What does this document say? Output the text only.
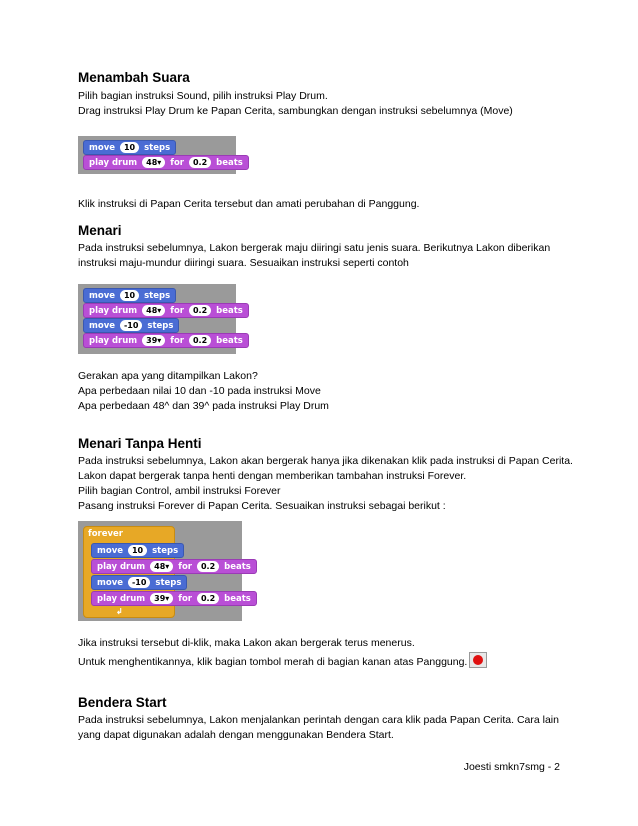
Menambah Suara
Pilih bagian instruksi Sound, pilih instruksi Play Drum.
Drag instruksi Play Drum ke Papan Cerita, sambungkan dengan instruksi sebelumnya (Move)
move 10 steps
play drum 48▾ for 0.2 beats
Klik instruksi di Papan Cerita tersebut dan amati perubahan di Panggung.
Menari
Pada instruksi sebelumnya, Lakon bergerak maju diiringi satu jenis suara. Berikutnya Lakon diberikan
instruksi maju-mundur diiringi suara. Sesuaikan instruksi seperti contoh
move 10 steps
play drum 48▾ for 0.2 beats
move -10 steps
play drum 39▾ for 0.2 beats
Gerakan apa yang ditampilkan Lakon?
Apa perbedaan nilai 10 dan -10 pada instruksi Move
Apa perbedaan 48^ dan 39^ pada instruksi Play Drum
Menari Tanpa Henti
Pada instruksi sebelumnya, Lakon akan bergerak hanya jika dikenakan klik pada instruksi di Papan Cerita.
Lakon dapat bergerak tanpa henti dengan memberikan tambahan instruksi Forever.
Pilih bagian Control, ambil instruksi Forever
Pasang instruksi Forever di Papan Cerita. Sesuaikan instruksi sebagai berikut :
forever
move 10 steps
play drum 48▾ for 0.2 beats
move -10 steps
play drum 39▾ for 0.2 beats
↲
Jika instruksi tersebut di-klik, maka Lakon akan bergerak terus menerus.
Untuk menghentikannya, klik bagian tombol merah di bagian kanan atas Panggung.
Bendera Start
Pada instruksi sebelumnya, Lakon menjalankan perintah dengan cara klik pada Papan Cerita. Cara lain
yang dapat digunakan adalah dengan menggunakan Bendera Start.
Joesti smkn7smg - 2
